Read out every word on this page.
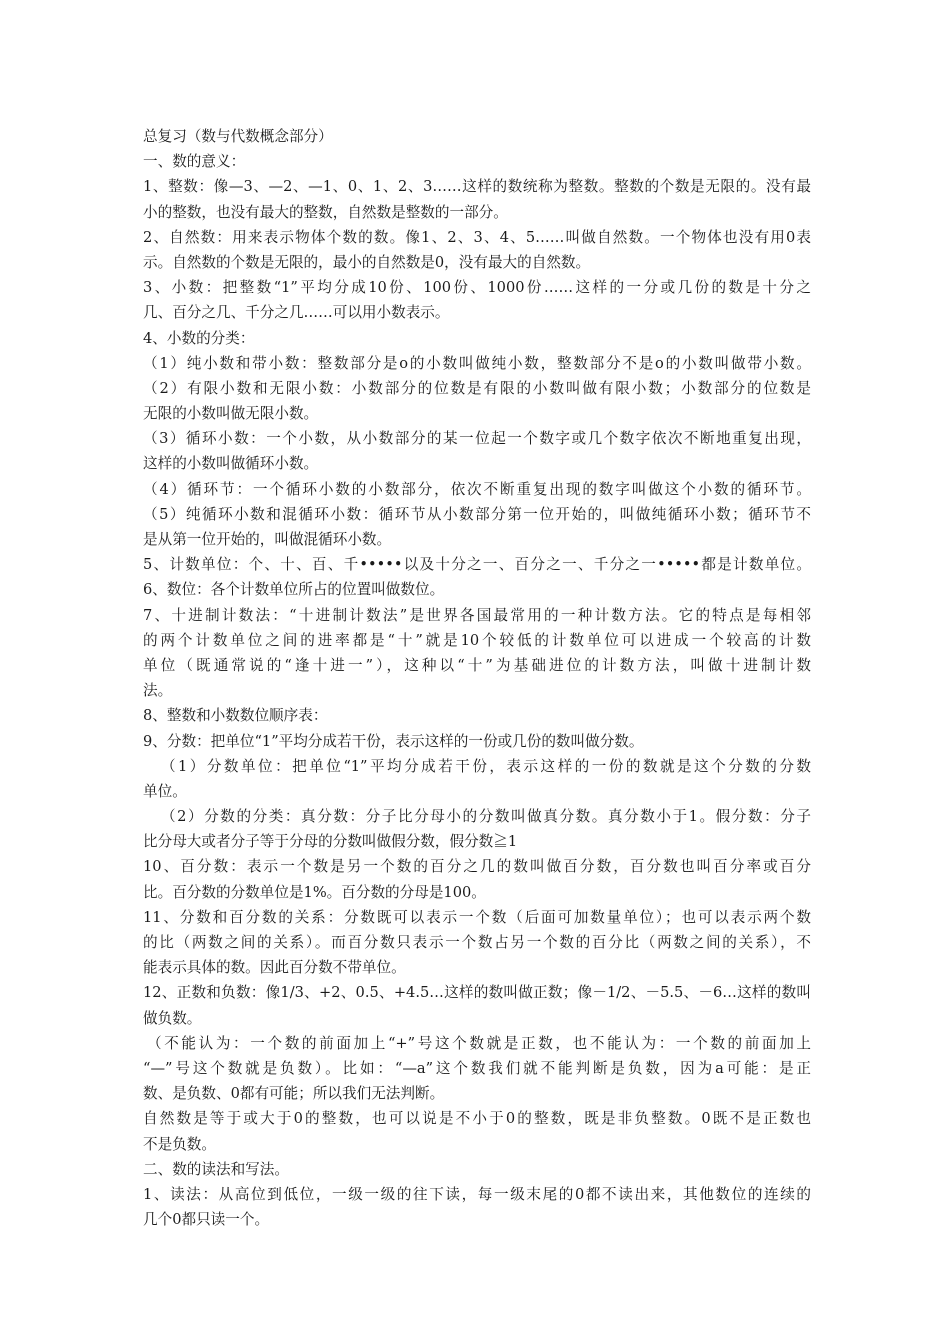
总复习（数与代数概念部分）
一、数的意义：
1、整数：像—3、—2、—1、0、1、2、3……这样的数统称为整数。整数的个数是无限的。没有最
小的整数，也没有最大的整数，自然数是整数的一部分。
2、自然数：用来表示物体个数的数。像1、2、3、4、5……叫做自然数。一个物体也没有用0表
示。自然数的个数是无限的，最小的自然数是0，没有最大的自然数。
3、小数：把整数“1”平均分成10份、100份、1000份……这样的一分或几份的数是十分之
几、百分之几、千分之几……可以用小数表示。
4、小数的分类：
（1）纯小数和带小数：整数部分是o的小数叫做纯小数，整数部分不是o的小数叫做带小数。
（2）有限小数和无限小数：小数部分的位数是有限的小数叫做有限小数；小数部分的位数是
无限的小数叫做无限小数。
（3）循环小数：一个小数，从小数部分的某一位起一个数字或几个数字依次不断地重复出现，
这样的小数叫做循环小数。
（4）循环节：一个循环小数的小数部分，依次不断重复出现的数字叫做这个小数的循环节。
（5）纯循环小数和混循环小数：循环节从小数部分第一位开始的，叫做纯循环小数；循环节不
是从第一位开始的，叫做混循环小数。
5、计数单位：个、十、百、千•••••以及十分之一、百分之一、千分之一•••••都是计数单位。
6、数位：各个计数单位所占的位置叫做数位。
7、十进制计数法：“十进制计数法”是世界各国最常用的一种计数方法。它的特点是每相邻
的两个计数单位之间的进率都是“十”就是10个较低的计数单位可以进成一个较高的计数
单位（既通常说的“逢十进一”），这种以“十”为基础进位的计数方法，叫做十进制计数
法。
8、整数和小数数位顺序表：
9、分数：把单位“1”平均分成若干份，表示这样的一份或几份的数叫做分数。
（1）分数单位：把单位“1”平均分成若干份，表示这样的一份的数就是这个分数的分数
单位。
（2）分数的分类：真分数：分子比分母小的分数叫做真分数。真分数小于1。假分数：分子
比分母大或者分子等于分母的分数叫做假分数，假分数≧1
10、百分数：表示一个数是另一个数的百分之几的数叫做百分数，百分数也叫百分率或百分
比。百分数的分数单位是1%。百分数的分母是100。
11、分数和百分数的关系：分数既可以表示一个数（后面可加数量单位）；也可以表示两个数
的比（两数之间的关系）。而百分数只表示一个数占另一个数的百分比（两数之间的关系），不
能表示具体的数。因此百分数不带单位。
12、正数和负数：像1/3、+2、0.5、+4.5…这样的数叫做正数；像－1/2、－5.5、－6…这样的数叫
做负数。
（不能认为：一个数的前面加上“+”号这个数就是正数，也不能认为：一个数的前面加上
“—”号这个数就是负数）。比如：“—a”这个数我们就不能判断是负数，因为a可能：是正
数、是负数、0都有可能；所以我们无法判断。
自然数是等于或大于0的整数，也可以说是不小于0的整数，既是非负整数。0既不是正数也
不是负数。
二、数的读法和写法。
1、读法：从高位到低位，一级一级的往下读，每一级末尾的0都不读出来，其他数位的连续的
几个0都只读一个。
